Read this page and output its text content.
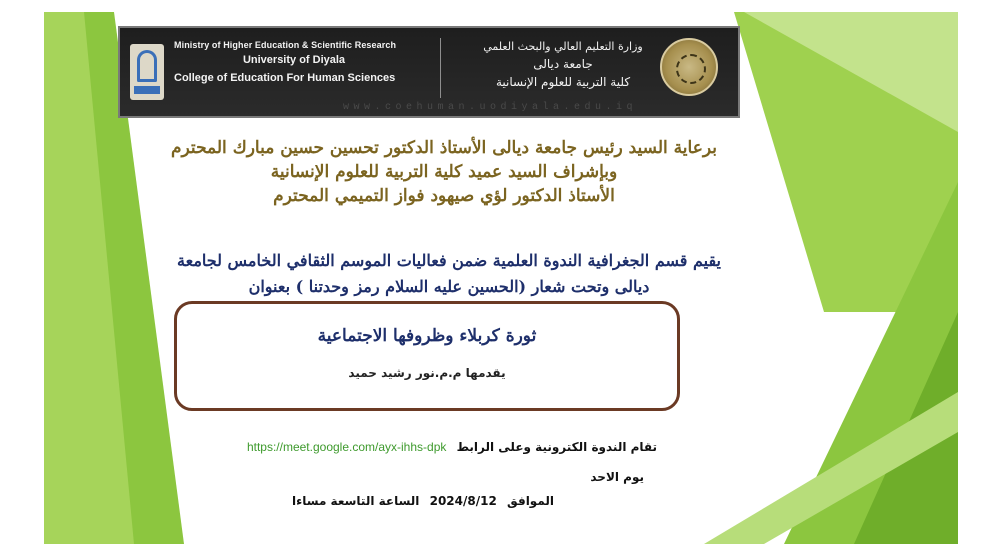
Ministry of Higher Education & Scientific Research
University of Diyala
College of Education For Human Sciences
وزارة التعليم العالي والبحث العلمي
جامعة ديالى
كلية التربية للعلوم الإنسانية
www.coehuman.uodiyala.edu.iq
برعاية السيد رئيس جامعة ديالى الأستاذ الدكتور تحسين حسين مبارك المحترم
وبإشراف السيد عميد كلية التربية للعلوم الإنسانية
الأستاذ الدكتور لؤي صيهود فواز التميمي المحترم
يقيم قسم الجغرافية الندوة العلمية ضمن فعاليات الموسم الثقافي الخامس لجامعة
ديالى وتحت شعار (الحسين عليه السلام رمز وحدتنا ) بعنوان
ثورة كربلاء وظروفها الاجتماعية
يقدمها م.م.نور رشيد حميد
تقام الندوة الكترونية وعلى الرابط https://meet.google.com/ayx-ihhs-dpk
يوم الاحد
الموافق 2024/8/12 الساعة التاسعة مساءا
